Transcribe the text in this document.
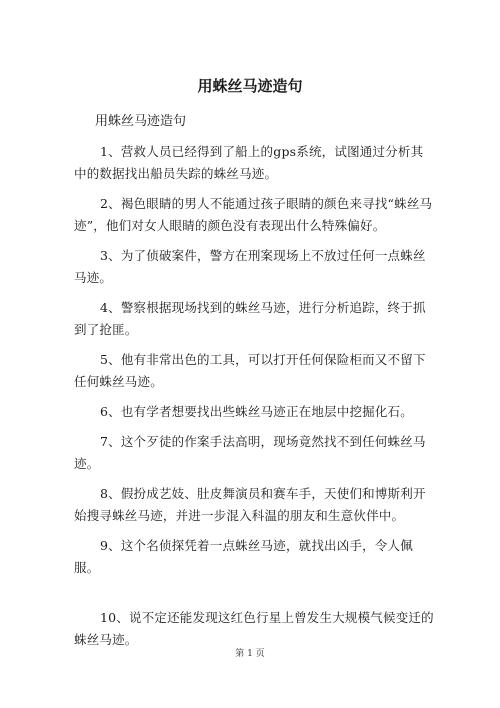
用蛛丝马迹造句
用蛛丝马迹造句

1、营救人员已经得到了船上的gps系统，试图通过分析其中的数据找出船员失踪的蛛丝马迹。

2、褐色眼睛的男人不能通过孩子眼睛的颜色来寻找“蛛丝马迹”，他们对女人眼睛的颜色没有表现出什么特殊偏好。

3、为了侦破案件，警方在刑案现场上不放过任何一点蛛丝马迹。

4、警察根据现场找到的蛛丝马迹，进行分析追踪，终于抓到了抢匪。

5、他有非常出色的工具，可以打开任何保险柜而又不留下任何蛛丝马迹。

6、也有学者想要找出些蛛丝马迹正在地层中挖掘化石。

7、这个歹徒的作案手法高明，现场竟然找不到任何蛛丝马迹。

8、假扮成艺妓、肚皮舞演员和赛车手，天使们和博斯利开始搜寻蛛丝马迹，并进一步混入科温的朋友和生意伙伴中。

9、这个名侦探凭着一点蛛丝马迹，就找出凶手，令人佩服。

10、说不定还能发现这红色行星上曾发生大规模气候变迁的蛛丝马迹。

第 1 页
